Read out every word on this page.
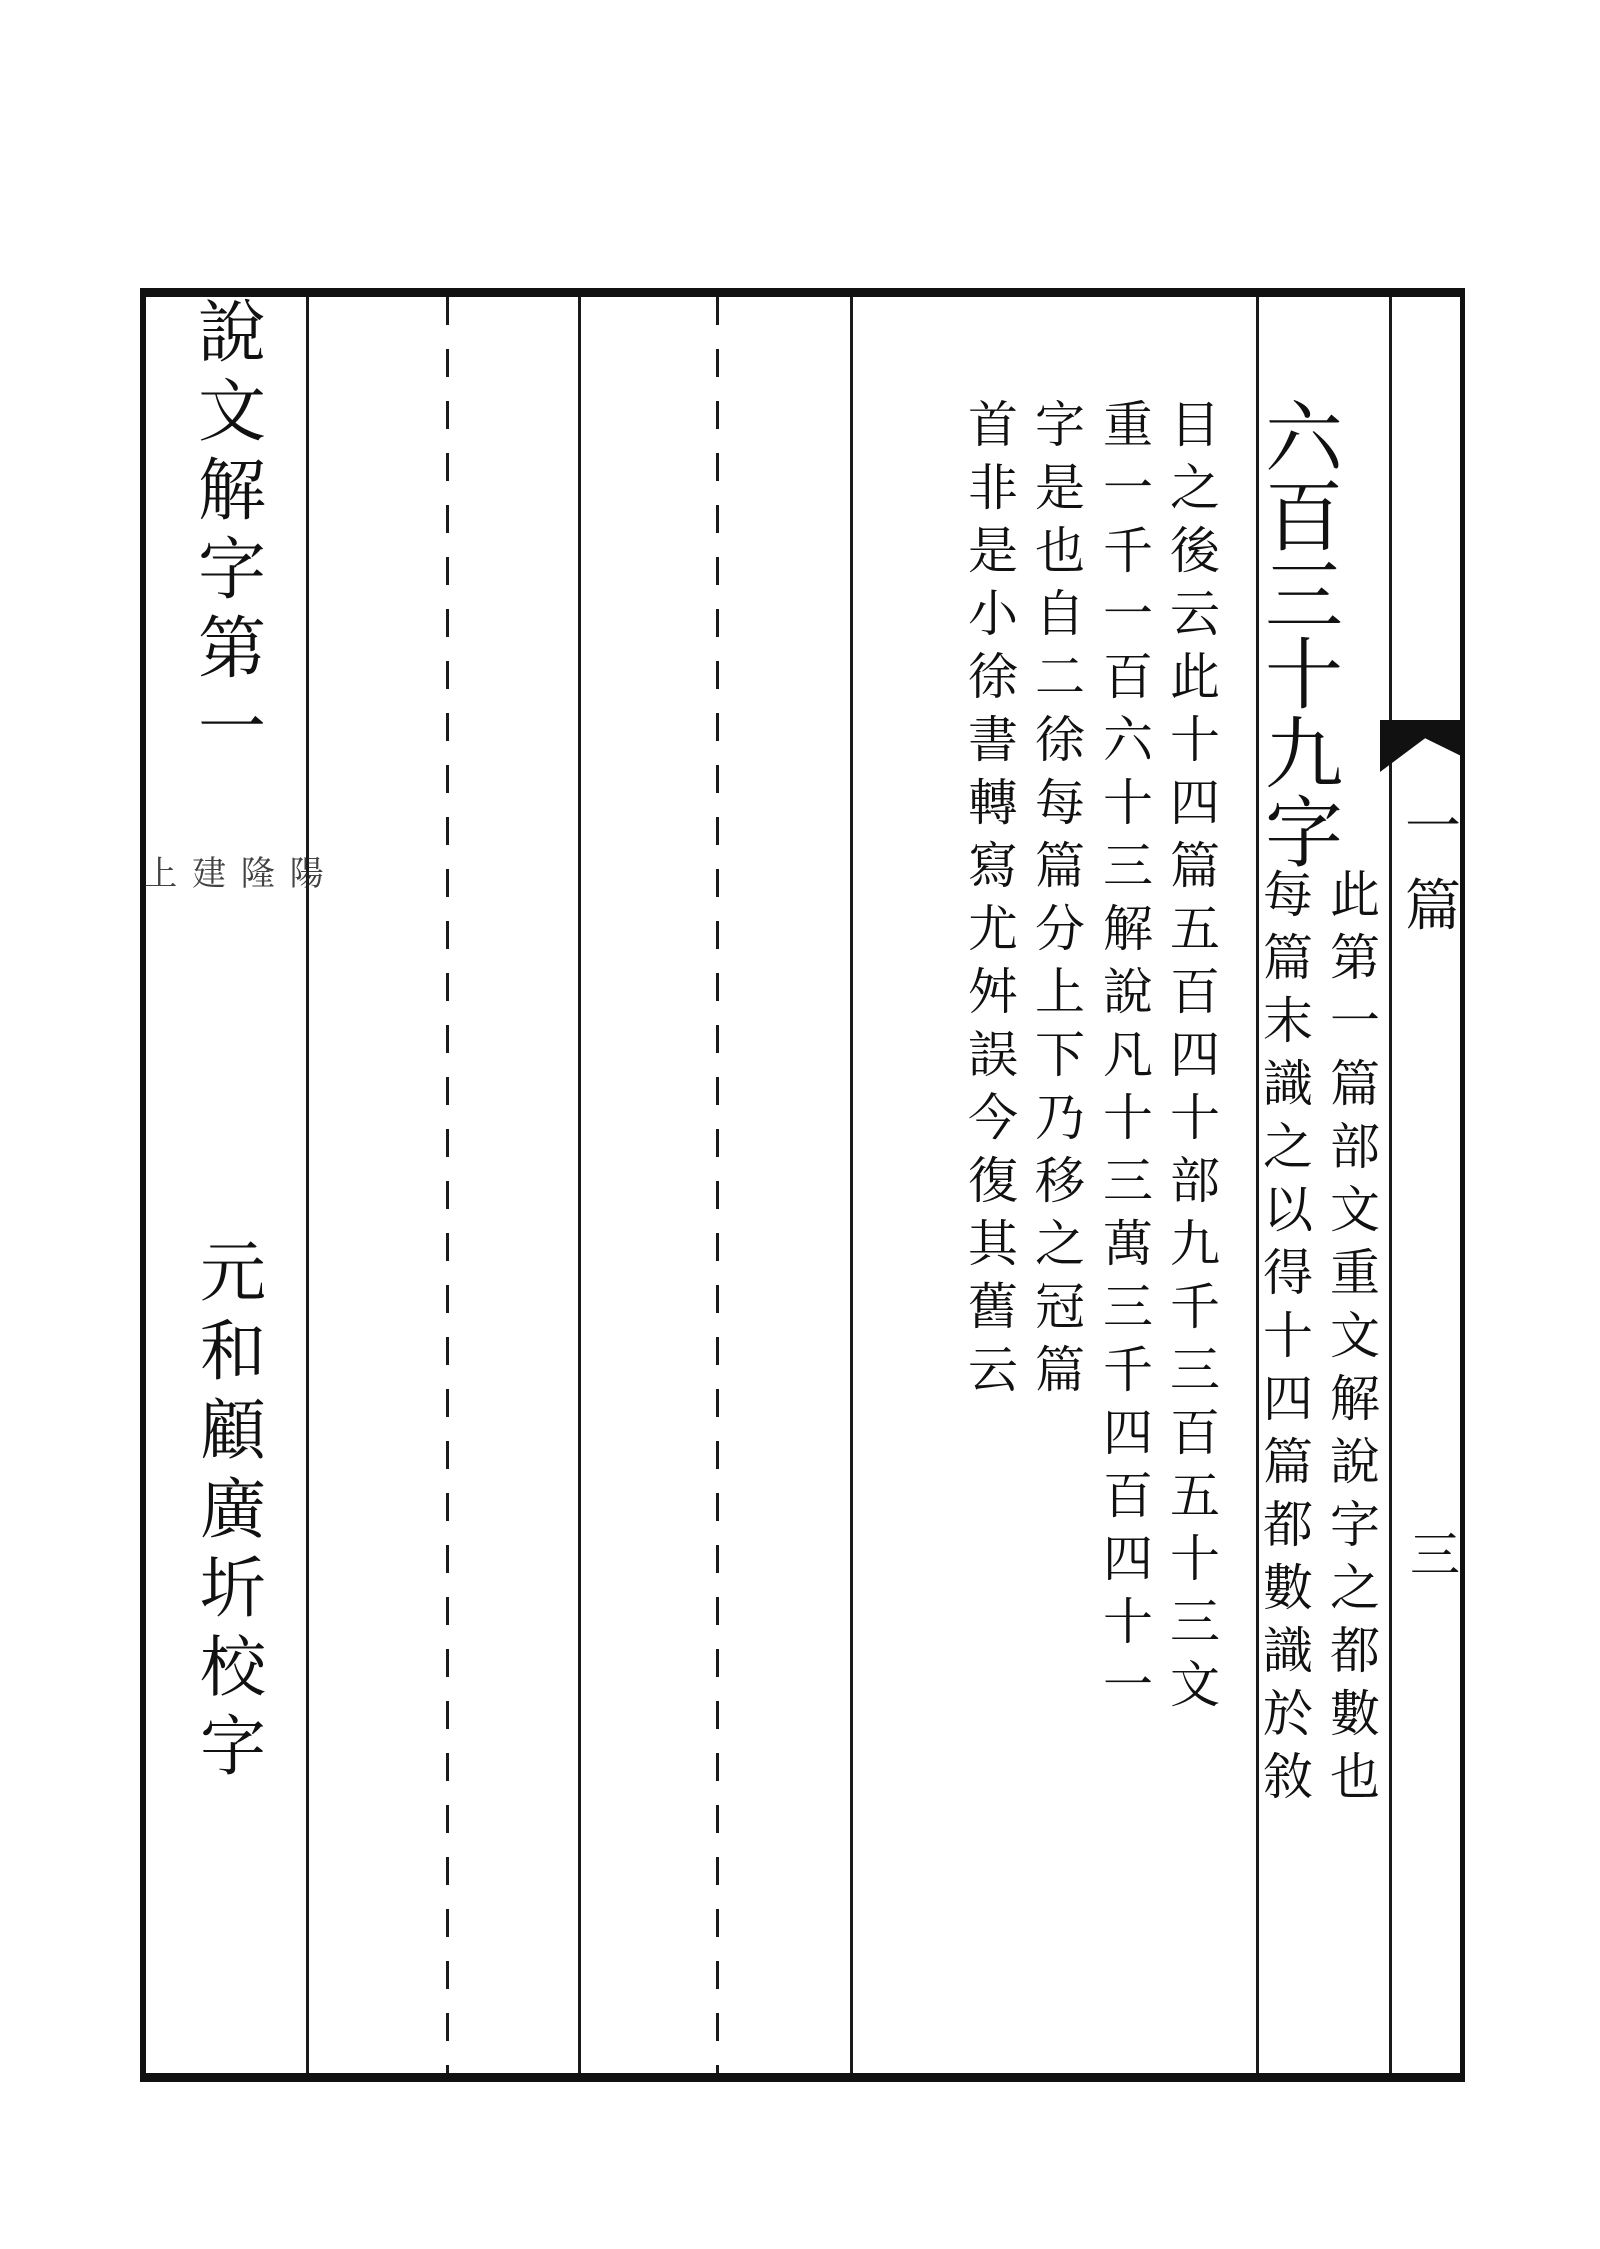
一
篇
三
六
百
三
十
九
字
此
第
一
篇
部
文
重
文
解
說
字
之
都
數
也
每
篇
末
識
之
以
得
十
四
篇
都
數
識
於
敘
目
之
後
云
此
十
四
篇
五
百
四
十
部
九
千
三
百
五
十
三
文
重
一
千
一
百
六
十
三
解
說
凡
十
三
萬
三
千
四
百
四
十
一
字
是
也
自
二
徐
每
篇
分
上
下
乃
移
之
冠
篇
首
非
是
小
徐
書
轉
寫
尤
舛
誤
今
復
其
舊
云
說
文
解
字
第
一
上 建 隆 陽
元
和
顧
廣
圻
校
字
